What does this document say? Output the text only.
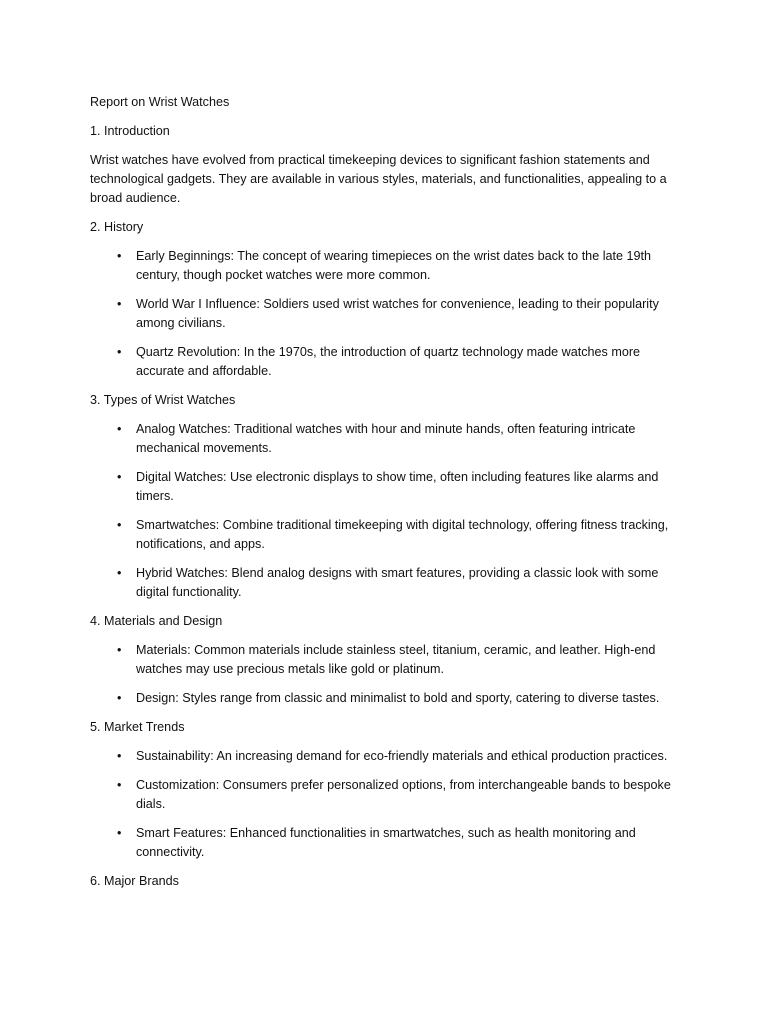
Report on Wrist Watches

1. Introduction

Wrist watches have evolved from practical timekeeping devices to significant fashion statements and technological gadgets. They are available in various styles, materials, and functionalities, appealing to a broad audience.

2. History

• Early Beginnings: The concept of wearing timepieces on the wrist dates back to the late 19th century, though pocket watches were more common.
• World War I Influence: Soldiers used wrist watches for convenience, leading to their popularity among civilians.
• Quartz Revolution: In the 1970s, the introduction of quartz technology made watches more accurate and affordable.

3. Types of Wrist Watches

• Analog Watches: Traditional watches with hour and minute hands, often featuring intricate mechanical movements.
• Digital Watches: Use electronic displays to show time, often including features like alarms and timers.
• Smartwatches: Combine traditional timekeeping with digital technology, offering fitness tracking, notifications, and apps.
• Hybrid Watches: Blend analog designs with smart features, providing a classic look with some digital functionality.

4. Materials and Design

• Materials: Common materials include stainless steel, titanium, ceramic, and leather. High-end watches may use precious metals like gold or platinum.
• Design: Styles range from classic and minimalist to bold and sporty, catering to diverse tastes.

5. Market Trends

• Sustainability: An increasing demand for eco-friendly materials and ethical production practices.
• Customization: Consumers prefer personalized options, from interchangeable bands to bespoke dials.
• Smart Features: Enhanced functionalities in smartwatches, such as health monitoring and connectivity.

6. Major Brands
